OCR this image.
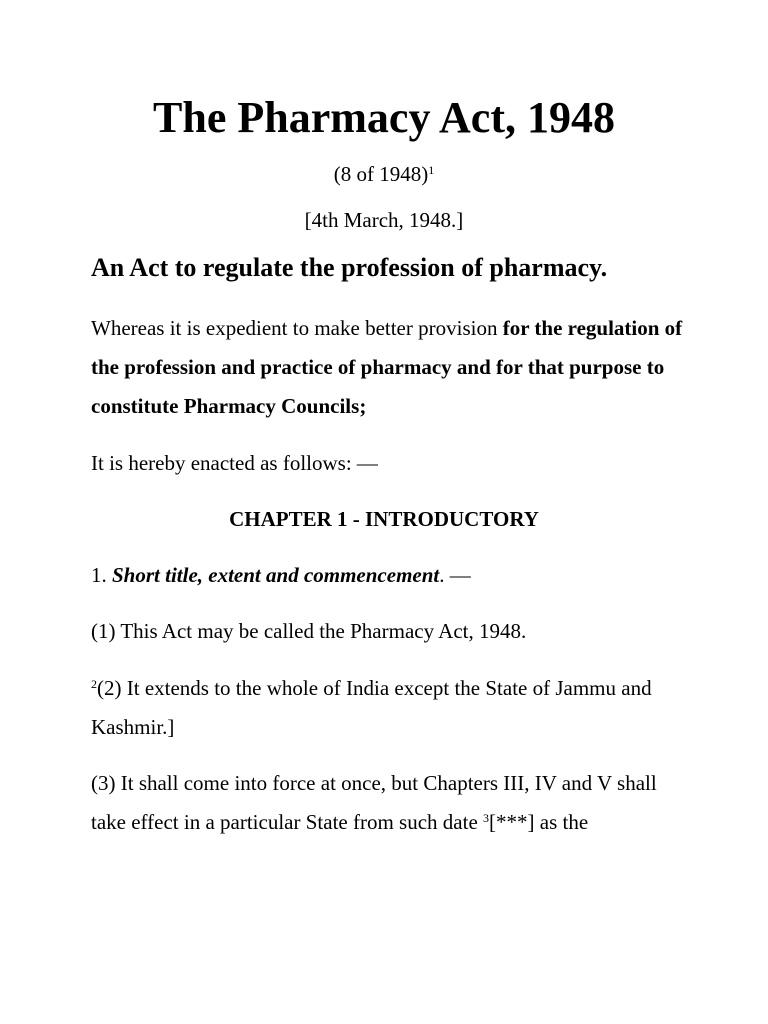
The Pharmacy Act, 1948
(8 of 1948)$^1$
[4th March, 1948.]
An Act to regulate the profession of pharmacy.

Whereas it is expedient to make better provision for the regulation of the profession and practice of pharmacy and for that purpose to constitute Pharmacy Councils;

It is hereby enacted as follows: —

CHAPTER 1 - INTRODUCTORY

1. Short title, extent and commencement. —

(1) This Act may be called the Pharmacy Act, 1948.

$^2$(2) It extends to the whole of India except the State of Jammu and Kashmir.]

(3) It shall come into force at once, but Chapters III, IV and V shall take effect in a particular State from such date $^3$[***] as the
